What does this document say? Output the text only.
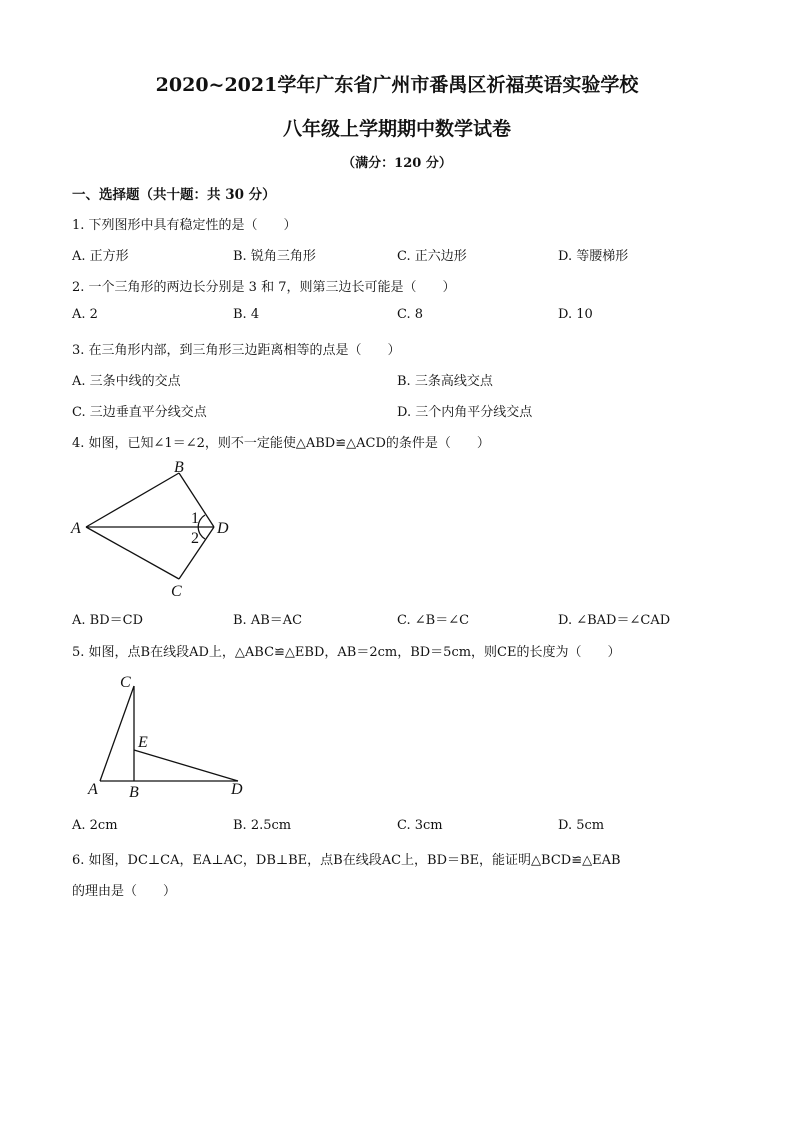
2020~2021学年广东省广州市番禺区祈福英语实验学校
八年级上学期期中数学试卷
（满分：120 分）
一、选择题（共十题：共 30 分）
1. 下列图形中具有稳定性的是（　　）
A. 正方形	B. 锐角三角形	C. 正六边形	D. 等腰梯形
2. 一个三角形的两边长分别是 3 和 7，则第三边长可能是（　　）
A. 2	B. 4	C. 8	D. 10
3. 在三角形内部，到三角形三边距离相等的点是（　　）
A. 三条中线的交点	B. 三条高线交点
C. 三边垂直平分线交点	D. 三个内角平分线交点
4. 如图，已知∠1＝∠2，则不一定能使△ABD≌△ACD的条件是（　　）
B
A	D
C
1
2
A. BD＝CD	B. AB＝AC	C. ∠B＝∠C	D. ∠BAD＝∠CAD
5. 如图，点B在线段AD上，△ABC≌△EBD，AB＝2cm，BD＝5cm，则CE的长度为（　　）
C
E
A B	D
A. 2cm	B. 2.5cm	C. 3cm	D. 5cm
6. 如图，DC⊥CA，EA⊥AC，DB⊥BE，点B在线段AC上，BD＝BE，能证明△BCD≌△EAB
的理由是（　　）
